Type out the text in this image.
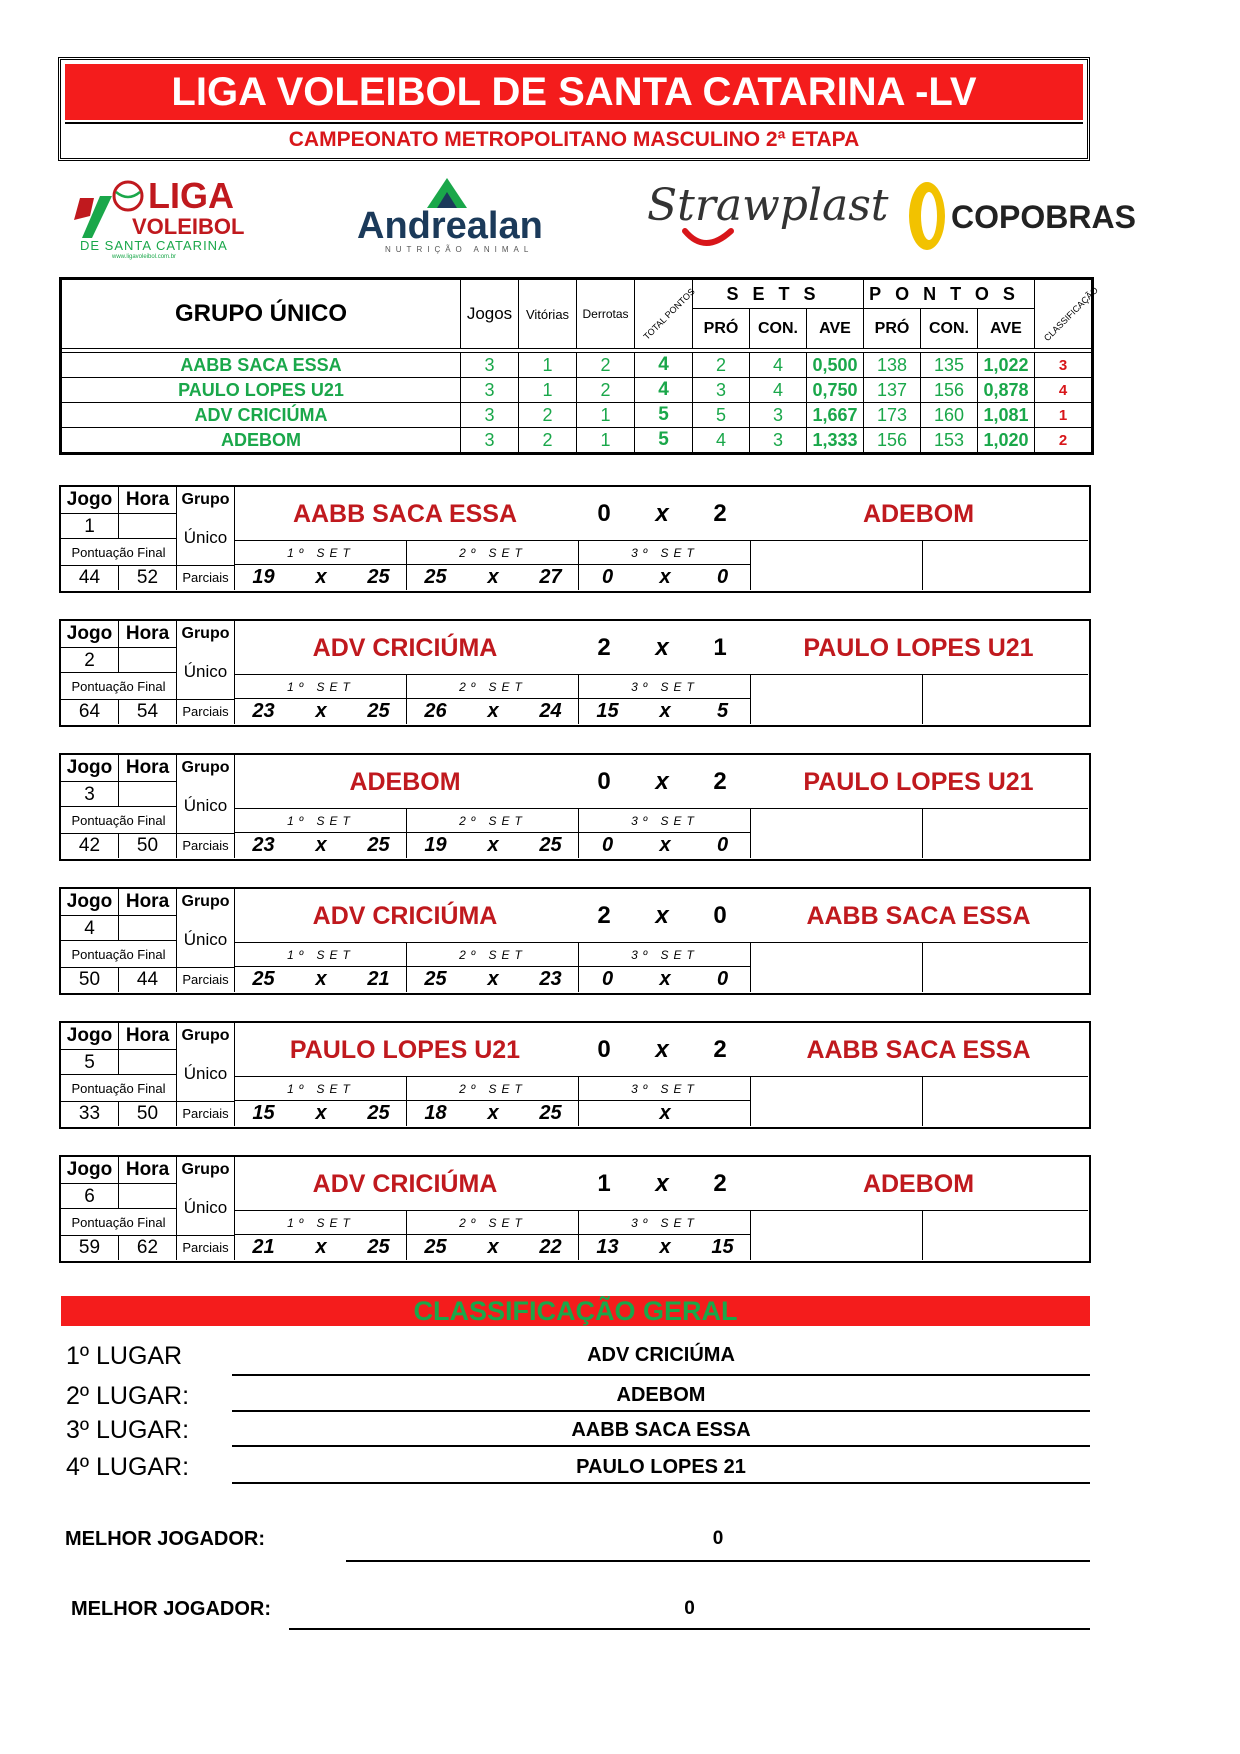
LIGA VOLEIBOL DE SANTA CATARINA -LV
CAMPEONATO METROPOLITANO MASCULINO 2ª ETAPA
LIGA
VOLEIBOL
DE SANTA CATARINA
www.ligavoleibol.com.br
Andrealan
NUTRIÇÃO ANIMAL
Strawplast COPOBRAS
GRUPO ÚNICO	Jogos	Vitórias	Derrotas	TOTAL PONTOS	SETS			PONTOS			CLASSIFICAÇÃO
					PRÓ	CON.	AVE	PRÓ	CON.	AVE	

AABB SACA ESSA	3	1	2	4	2	4	0,500	138	135	1,022	3
PAULO LOPES U21	3	1	2	4	3	4	0,750	137	156	0,878	4
ADV CRICIÚMA	3	2	1	5	5	3	1,667	173	160	1,081	1
ADEBOM	3	2	1	5	4	3	1,333	156	153	1,020	2
Jogo Hora Grupo
1
Único
Pontuação Final
44	52	Parciais
AABB SACA ESSA	0	x	2	ADEBOM
1º SET	2º SET	3º SET
19	x	25	25	x	27	0	x	0
Jogo Hora Grupo
2
Único
Pontuação Final
64	54	Parciais
ADV CRICIÚMA	2	x	1	PAULO LOPES U21
1º SET	2º SET	3º SET
23	x	25	26	x	24	15	x	5
Jogo Hora Grupo
3
Único
Pontuação Final
42	50	Parciais
ADEBOM	0	x	2	PAULO LOPES U21
1º SET	2º SET	3º SET
23	x	25	19	x	25	0	x	0
Jogo Hora Grupo
4
Único
Pontuação Final
50	44	Parciais
ADV CRICIÚMA	2	x	0	AABB SACA ESSA
1º SET	2º SET	3º SET
25	x	21	25	x	23	0	x	0
Jogo Hora Grupo
5
Único
Pontuação Final
33	50	Parciais
PAULO LOPES U21	0	x	2	AABB SACA ESSA
1º SET	2º SET	3º SET
15	x	25	18	x	25	x
Jogo Hora Grupo
6
Único
Pontuação Final
59	62	Parciais
ADV CRICIÚMA	1	x	2	ADEBOM
1º SET	2º SET	3º SET
21	x	25	25	x	22	13	x	15
CLASSIFICAÇÃO GERAL
1º LUGAR	ADV CRICIÚMA
2º LUGAR:	ADEBOM
3º LUGAR:	AABB SACA ESSA
4º LUGAR:	PAULO LOPES 21
MELHOR JOGADOR:	0
MELHOR JOGADOR:	0
